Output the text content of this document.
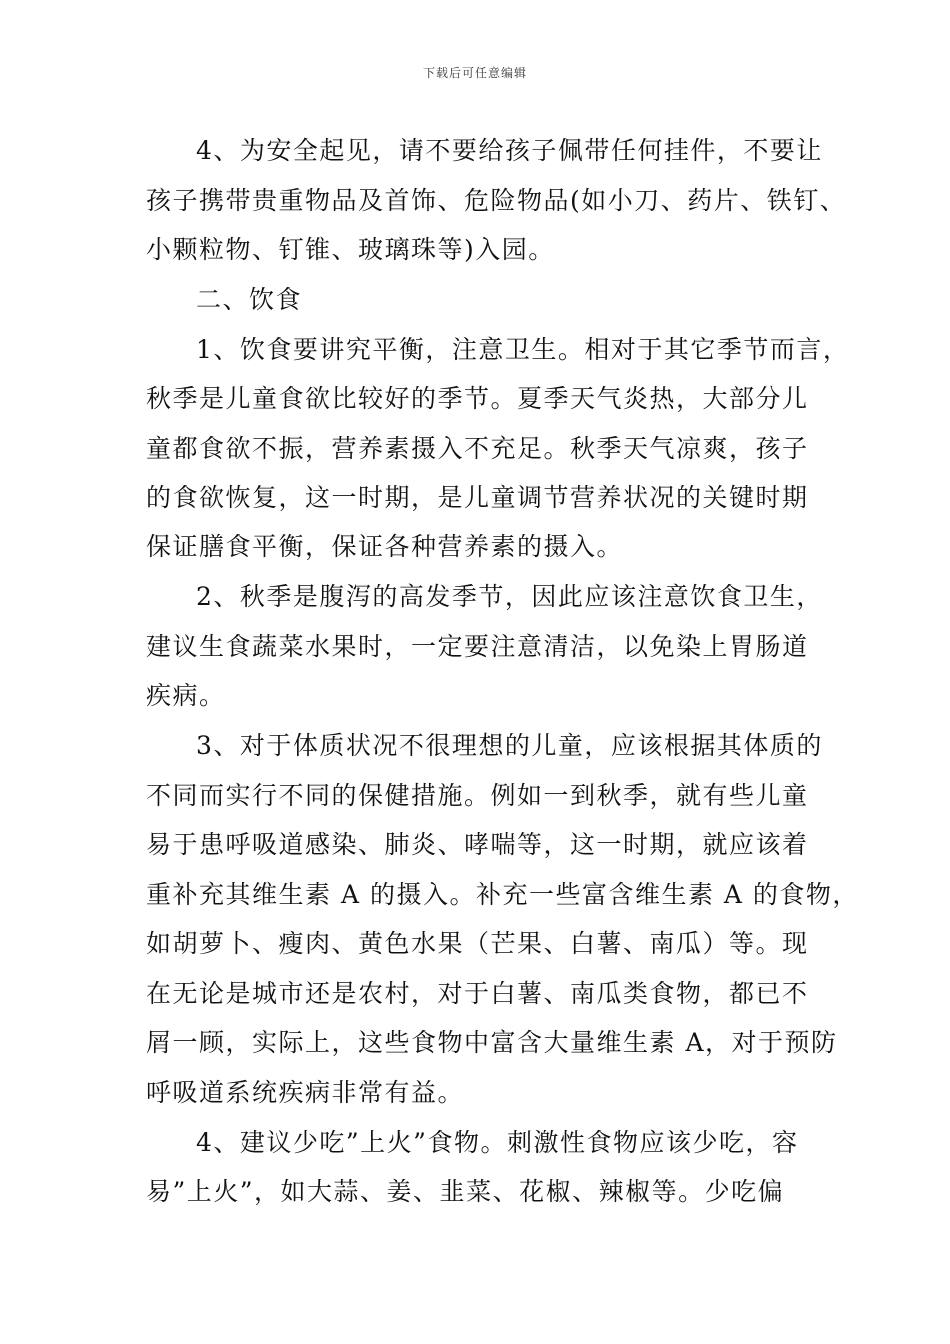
下载后可任意编辑
4、为安全起见，请不要给孩子佩带任何挂件，不要让
孩子携带贵重物品及首饰、危险物品(如小刀、药片、铁钉、
小颗粒物、钉锥、玻璃珠等)入园。
二、饮食
1、饮食要讲究平衡，注意卫生。相对于其它季节而言，
秋季是儿童食欲比较好的季节。夏季天气炎热，大部分儿
童都食欲不振，营养素摄入不充足。秋季天气凉爽，孩子
的食欲恢复，这一时期，是儿童调节营养状况的关键时期
保证膳食平衡，保证各种营养素的摄入。
2、秋季是腹泻的高发季节，因此应该注意饮食卫生，
建议生食蔬菜水果时，一定要注意清洁，以免染上胃肠道
疾病。
3、对于体质状况不很理想的儿童，应该根据其体质的
不同而实行不同的保健措施。例如一到秋季，就有些儿童
易于患呼吸道感染、肺炎、哮喘等，这一时期，就应该着
重补充其维生素 A 的摄入。补充一些富含维生素 A 的食物，
如胡萝卜、瘦肉、黄色水果（芒果、白薯、南瓜）等。现
在无论是城市还是农村，对于白薯、南瓜类食物，都已不
屑一顾，实际上，这些食物中富含大量维生素 A，对于预防
呼吸道系统疾病非常有益。
4、建议少吃”上火”食物。刺激性食物应该少吃，容
易”上火”，如大蒜、姜、韭菜、花椒、辣椒等。少吃偏
